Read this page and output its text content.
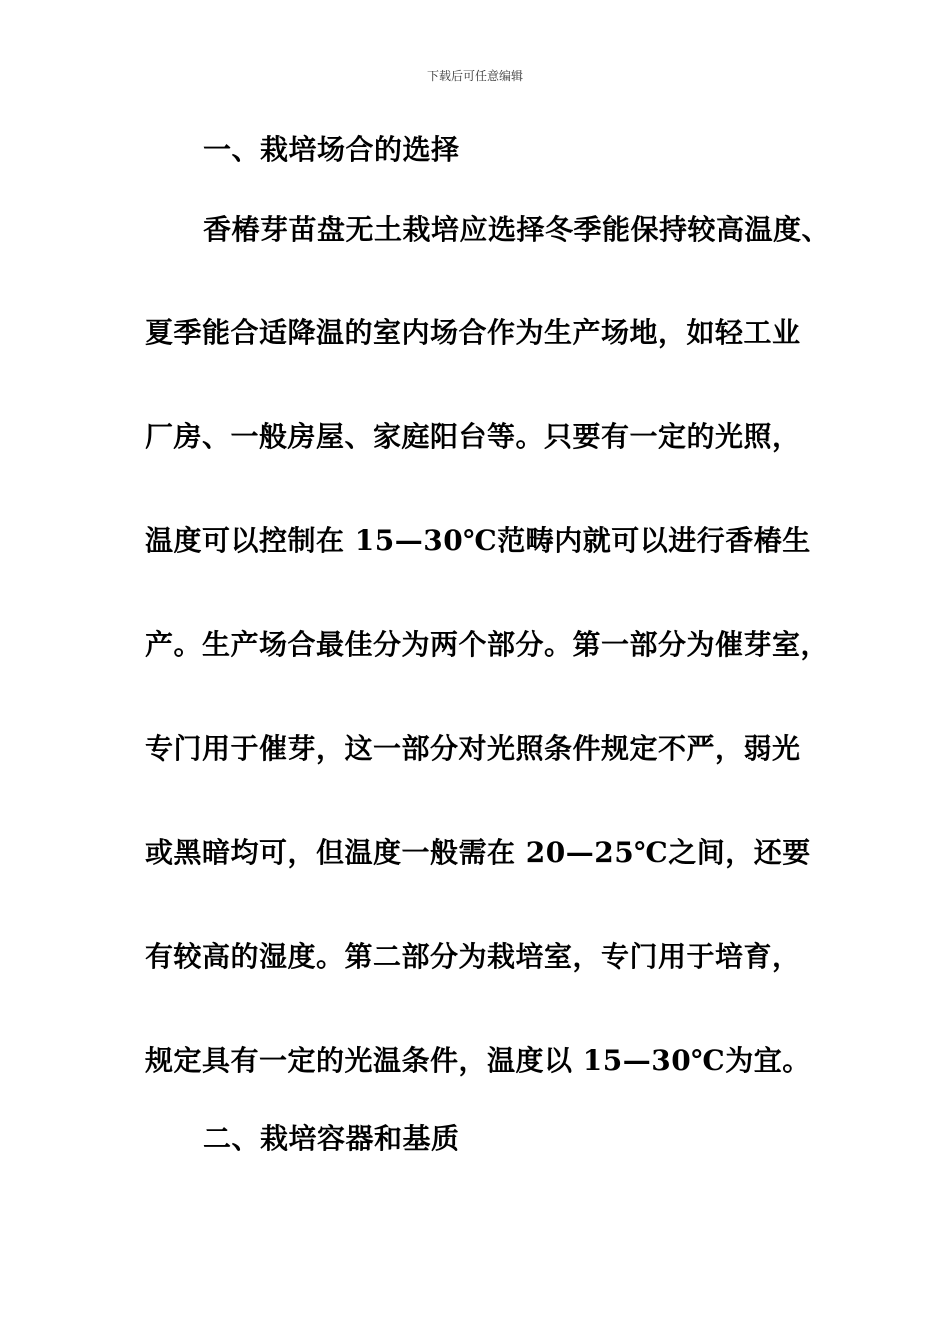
下载后可任意编辑
一、栽培场合的选择
香椿芽苗盘无土栽培应选择冬季能保持较高温度、
夏季能合适降温的室内场合作为生产场地，如轻工业
厂房、一般房屋、家庭阳台等。只要有一定的光照，
温度可以控制在 15—30℃范畴内就可以进行香椿生
产。生产场合最佳分为两个部分。第一部分为催芽室，
专门用于催芽，这一部分对光照条件规定不严，弱光
或黑暗均可，但温度一般需在 20—25℃之间，还要
有较高的湿度。第二部分为栽培室，专门用于培育，
规定具有一定的光温条件，温度以 15—30℃为宜。
二、栽培容器和基质
